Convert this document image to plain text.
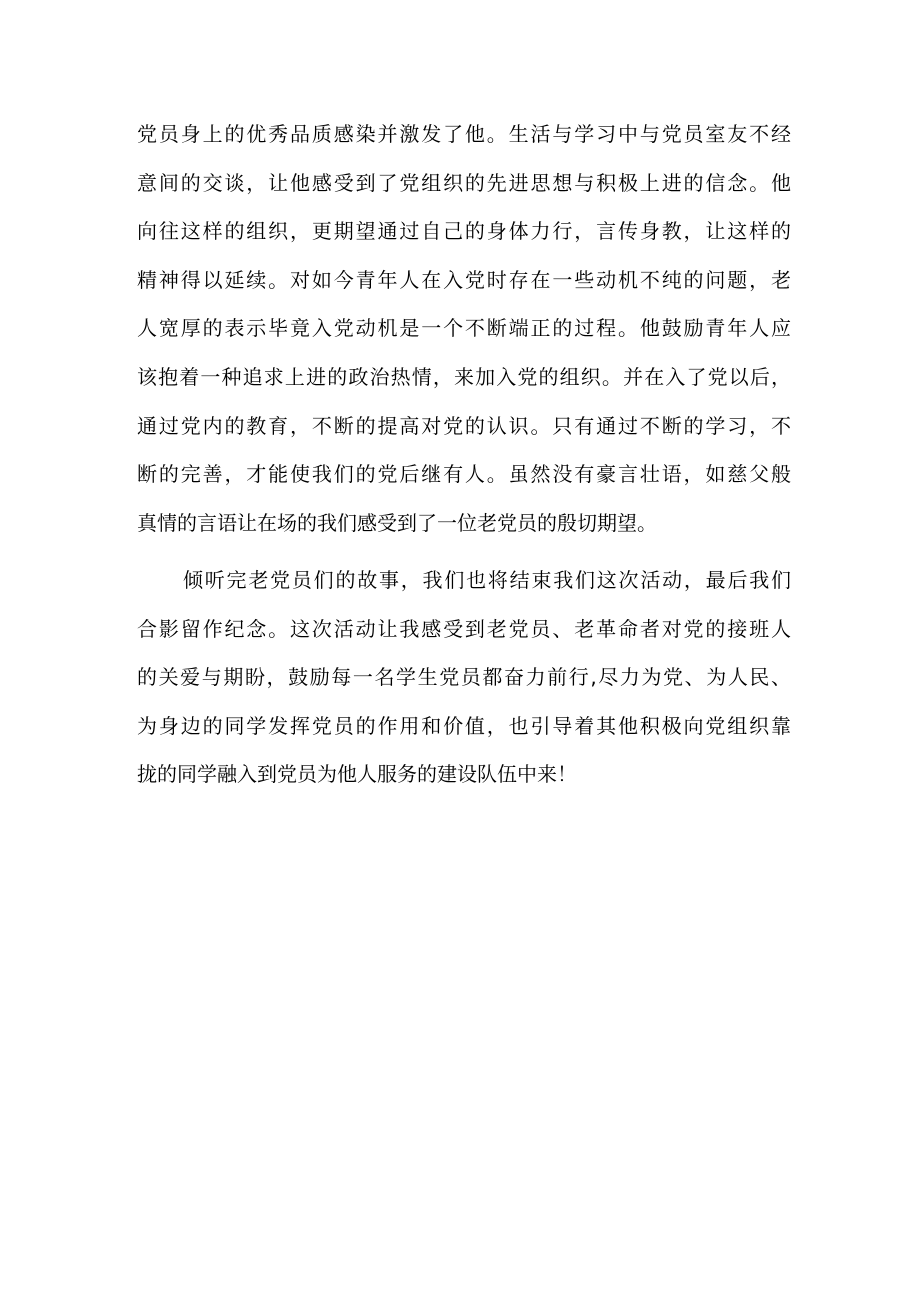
党员身上的优秀品质感染并激发了他。生活与学习中与党员室友不经
意间的交谈，让他感受到了党组织的先进思想与积极上进的信念。他
向往这样的组织，更期望通过自己的身体力行，言传身教，让这样的
精神得以延续。对如今青年人在入党时存在一些动机不纯的问题，老
人宽厚的表示毕竟入党动机是一个不断端正的过程。他鼓励青年人应
该抱着一种追求上进的政治热情，来加入党的组织。并在入了党以后，
通过党内的教育，不断的提高对党的认识。只有通过不断的学习，不
断的完善，才能使我们的党后继有人。虽然没有豪言壮语，如慈父般
真情的言语让在场的我们感受到了一位老党员的殷切期望。
倾听完老党员们的故事，我们也将结束我们这次活动，最后我们
合影留作纪念。这次活动让我感受到老党员、老革命者对党的接班人
的关爱与期盼，鼓励每一名学生党员都奋力前行,尽力为党、为人民、
为身边的同学发挥党员的作用和价值，也引导着其他积极向党组织靠
拢的同学融入到党员为他人服务的建设队伍中来！
